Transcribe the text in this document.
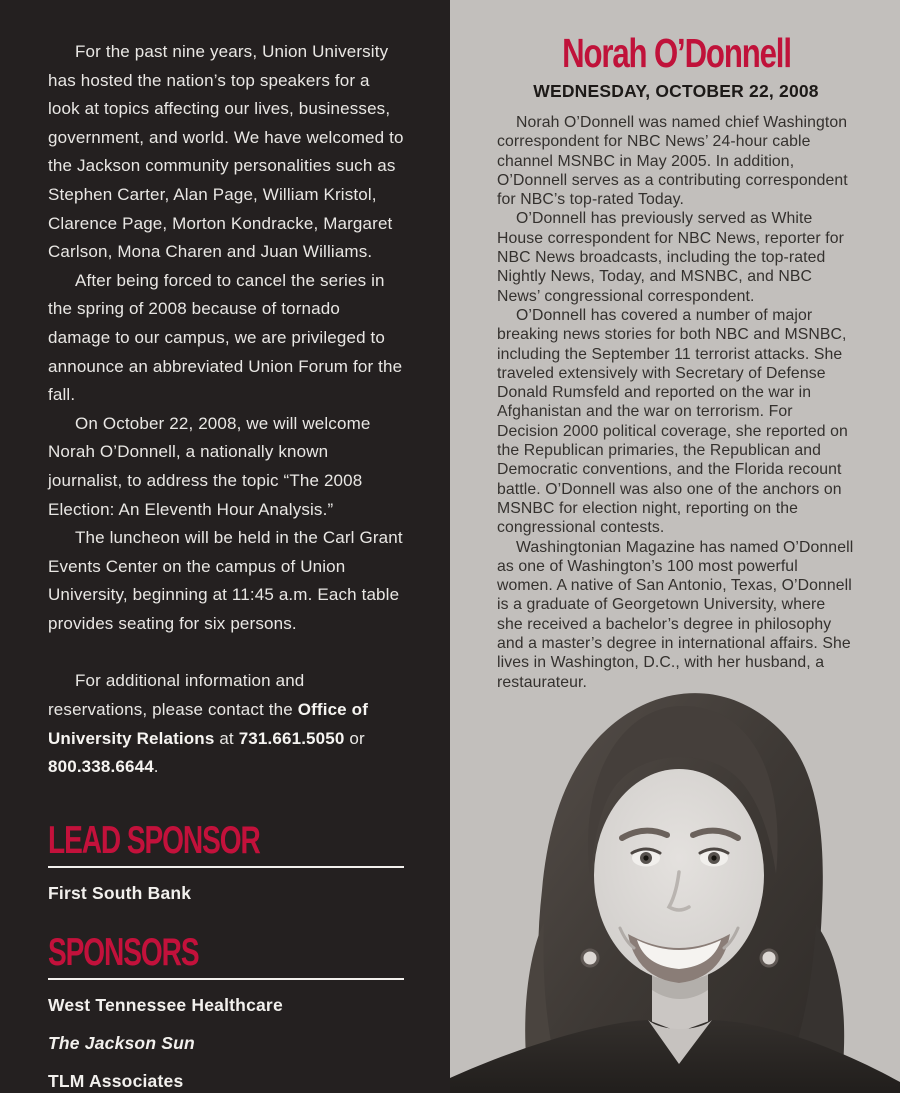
For the past nine years, Union University has hosted the nation’s top speakers for a look at topics affecting our lives, businesses, government, and world. We have welcomed to the Jackson community personalities such as Stephen Carter, Alan Page, William Kristol, Clarence Page, Morton Kondracke, Margaret Carlson, Mona Charen and Juan Williams.

After being forced to cancel the series in the spring of 2008 because of tornado damage to our campus, we are privileged to announce an abbreviated Union Forum for the fall.

On October 22, 2008, we will welcome Norah O’Donnell, a nationally known journalist, to address the topic “The 2008 Election: An Eleventh Hour Analysis.”

The luncheon will be held in the Carl Grant Events Center on the campus of Union University, beginning at 11:45 a.m. Each table provides seating for six persons.

For additional information and reservations, please contact the Office of University Relations at 731.661.5050 or 800.338.6644.

LEAD SPONSOR

First South Bank

SPONSORS

West Tennessee Healthcare

The Jackson Sun

TLM Associates

Norah O’Donnell
WEDNESDAY, OCTOBER 22, 2008

Norah O’Donnell was named chief Washington correspondent for NBC News’ 24-hour cable channel MSNBC in May 2005. In addition, O’Donnell serves as a contributing correspondent for NBC’s top-rated Today.

O’Donnell has previously served as White House correspondent for NBC News, reporter for NBC News broadcasts, including the top-rated Nightly News, Today, and MSNBC, and NBC News’ congressional correspondent.

O’Donnell has covered a number of major breaking news stories for both NBC and MSNBC, including the September 11 terrorist attacks. She traveled extensively with Secretary of Defense Donald Rumsfeld and reported on the war in Afghanistan and the war on terrorism. For Decision 2000 political coverage, she reported on the Republican primaries, the Republican and Democratic conventions, and the Florida recount battle. O’Donnell was also one of the anchors on MSNBC for election night, reporting on the congressional contests.

Washingtonian Magazine has named O’Donnell as one of Washington’s 100 most powerful women. A native of San Antonio, Texas, O’Donnell is a graduate of Georgetown University, where she received a bachelor’s degree in philosophy and a master’s degree in international affairs. She lives in Washington, D.C., with her husband, a restaurateur.
